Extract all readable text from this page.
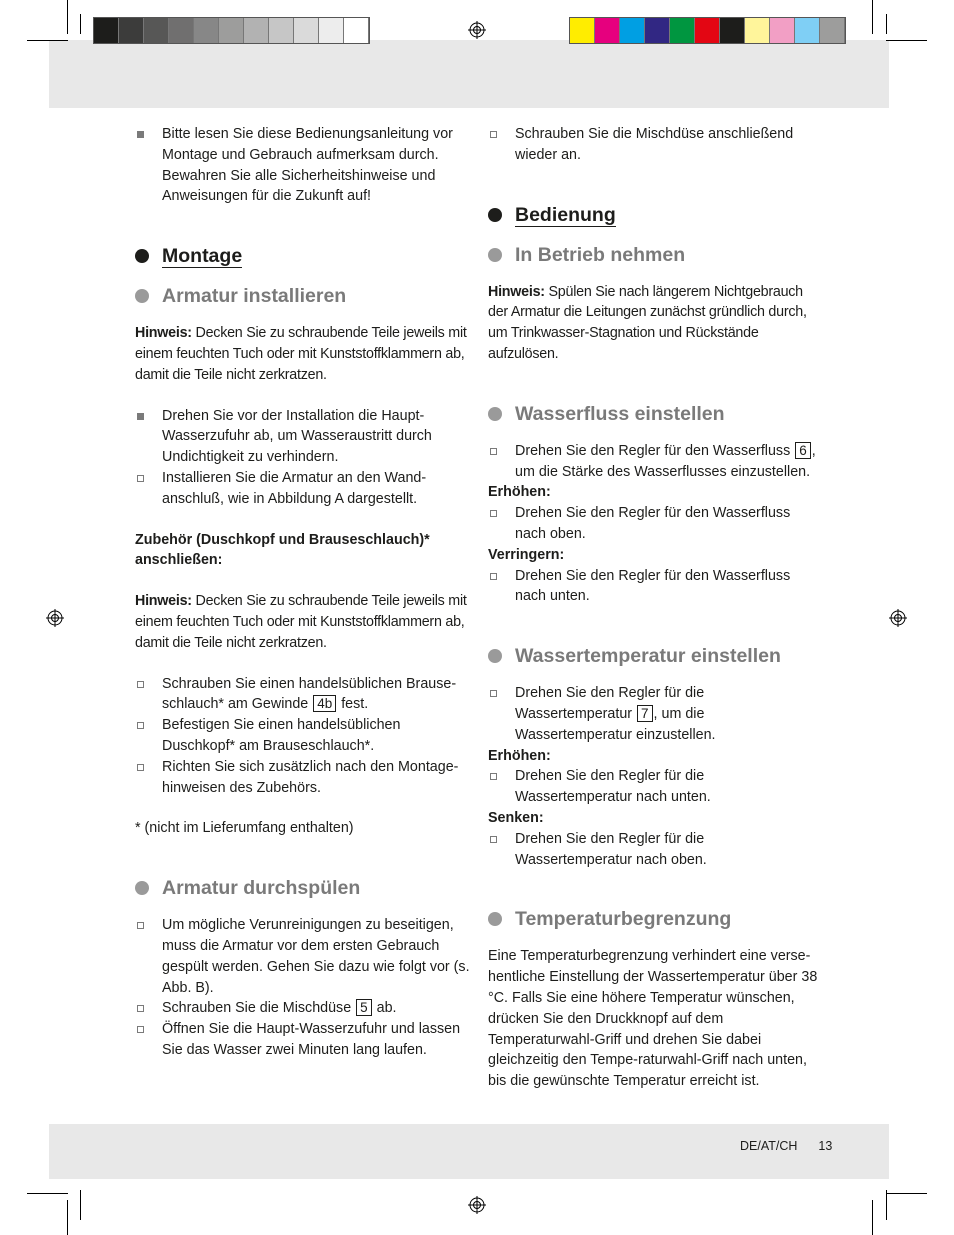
Bitte lesen Sie diese Bedienungsanleitung vor Montage und Gebrauch aufmerksam durch. Bewahren Sie alle Sicherheitshinweise und Anweisungen für die Zukunft auf!
Montage
Armatur installieren
Hinweis: Decken Sie zu schraubende Teile jeweils mit einem feuchten Tuch oder mit Kunststoffklammern ab, damit die Teile nicht zerkratzen.
Drehen Sie vor der Installation die Haupt-Wasserzufuhr ab, um Wasseraustritt durch Undichtigkeit zu verhindern.
Installieren Sie die Armatur an den Wand-anschluß, wie in Abbildung A dargestellt.
Zubehör (Duschkopf und Brauseschlauch)* anschließen:
Hinweis: Decken Sie zu schraubende Teile jeweils mit einem feuchten Tuch oder mit Kunststoffklammern ab, damit die Teile nicht zerkratzen.
Schrauben Sie einen handelsüblichen Brause-schlauch* am Gewinde 4b fest.
Befestigen Sie einen handelsüblichen Duschkopf* am Brauseschlauch*.
Richten Sie sich zusätzlich nach den Montage-hinweisen des Zubehörs.
* (nicht im Lieferumfang enthalten)
Armatur durchspülen
Um mögliche Verunreinigungen zu beseitigen, muss die Armatur vor dem ersten Gebrauch gespült werden. Gehen Sie dazu wie folgt vor (s. Abb. B).
Schrauben Sie die Mischdüse 5 ab.
Öffnen Sie die Haupt-Wasserzufuhr und lassen Sie das Wasser zwei Minuten lang laufen.
Schrauben Sie die Mischdüse anschließend wieder an.
Bedienung
In Betrieb nehmen
Hinweis: Spülen Sie nach längerem Nichtgebrauch der Armatur die Leitungen zunächst gründlich durch, um Trinkwasser-Stagnation und Rückstände aufzulösen.
Wasserfluss einstellen
Drehen Sie den Regler für den Wasserfluss 6 , um die Stärke des Wasserflusses einzustellen.
Erhöhen:
Drehen Sie den Regler für den Wasserfluss nach oben.
Verringern:
Drehen Sie den Regler für den Wasserfluss nach unten.
Wassertemperatur einstellen
Drehen Sie den Regler für die Wassertemperatur 7 , um die Wassertemperatur einzustellen.
Erhöhen:
Drehen Sie den Regler für die Wassertemperatur nach unten.
Senken:
Drehen Sie den Regler für die Wassertemperatur nach oben.
Temperaturbegrenzung
Eine Temperaturbegrenzung verhindert eine verse-hentliche Einstellung der Wassertemperatur über 38 °C. Falls Sie eine höhere Temperatur wünschen, drücken Sie den Druckknopf auf dem Temperaturwahl-Griff und drehen Sie dabei gleichzeitig den Tempe-raturwahl-Griff nach unten, bis die gewünschte Temperatur erreicht ist.
DE/AT/CH 13
